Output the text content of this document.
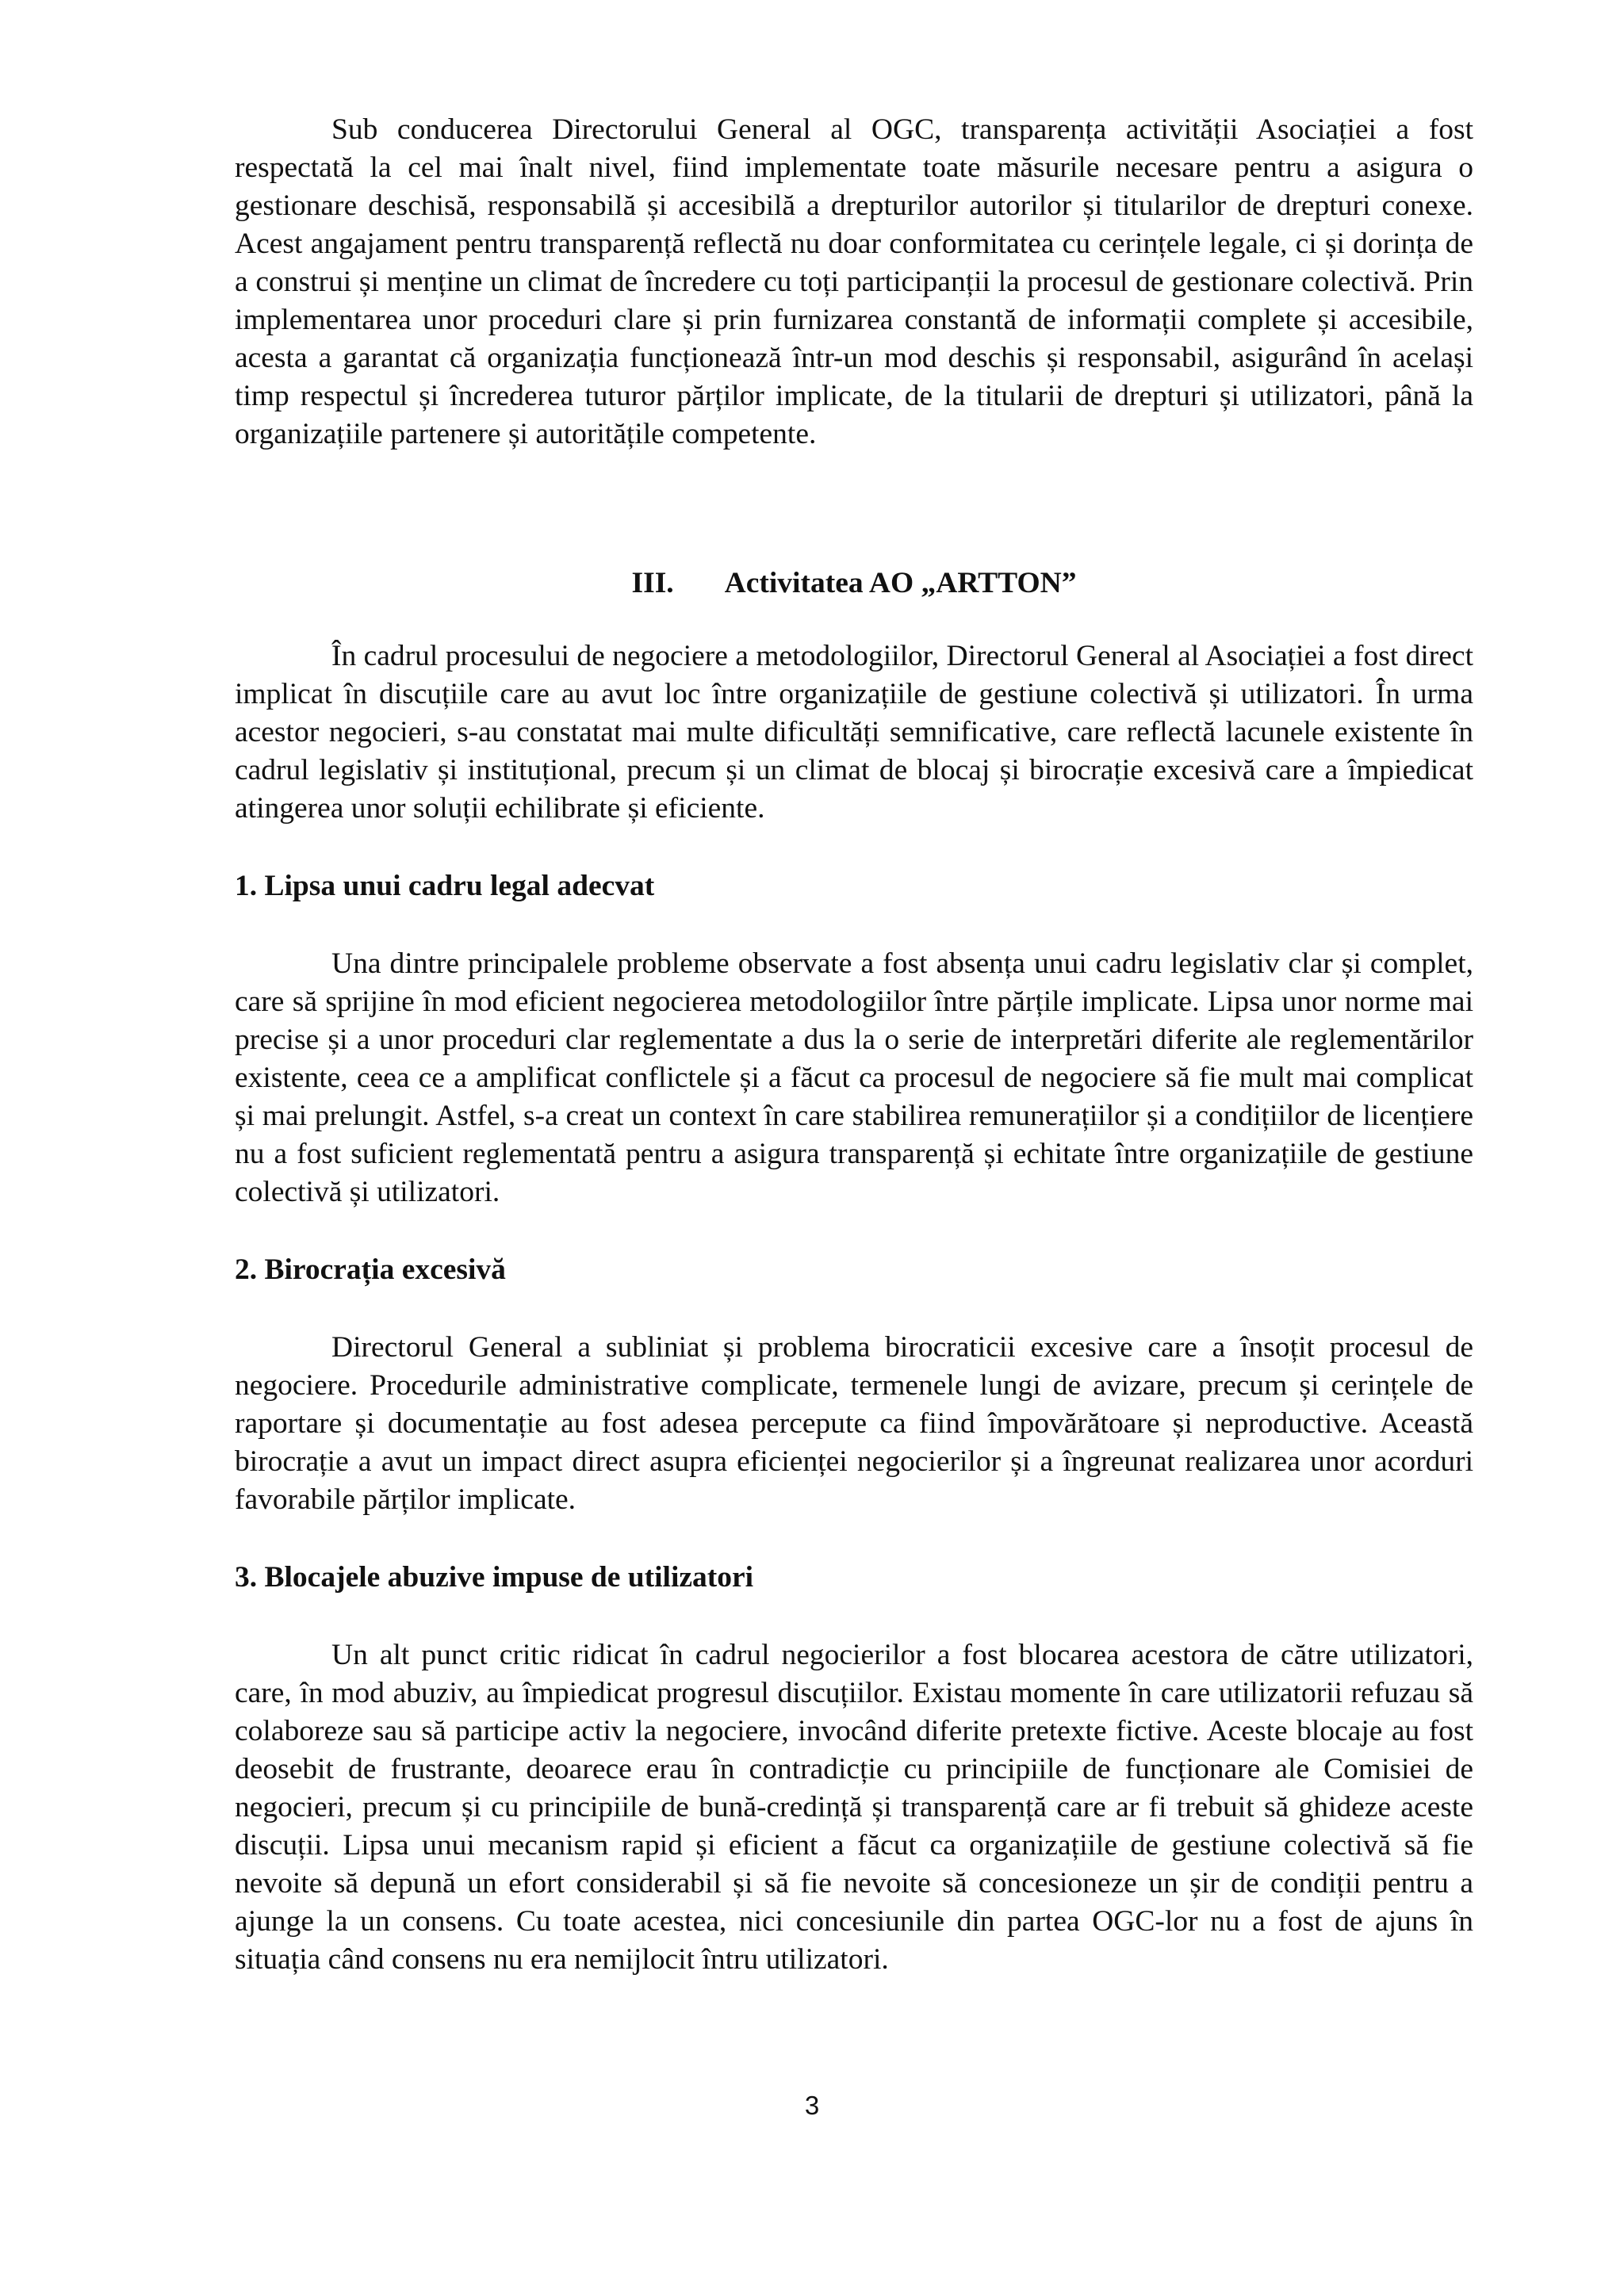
Sub conducerea Directorului General al OGC, transparența activității Asociației a fost respectată la cel mai înalt nivel, fiind implementate toate măsurile necesare pentru a asigura o gestionare deschisă, responsabilă și accesibilă a drepturilor autorilor și titularilor de drepturi conexe. Acest angajament pentru transparență reflectă nu doar conformitatea cu cerințele legale, ci și dorința de a construi și menține un climat de încredere cu toți participanții la procesul de gestionare colectivă. Prin implementarea unor proceduri clare și prin furnizarea constantă de informații complete și accesibile, acesta a garantat că organizația funcționează într-un mod deschis și responsabil, asigurând în același timp respectul și încrederea tuturor părților implicate, de la titularii de drepturi și utilizatori, până la organizațiile partenere și autoritățile competente.

III. Activitatea AO „ARTTON”

În cadrul procesului de negociere a metodologiilor, Directorul General al Asociației a fost direct implicat în discuțiile care au avut loc între organizațiile de gestiune colectivă și utilizatori. În urma acestor negocieri, s-au constatat mai multe dificultăți semnificative, care reflectă lacunele existente în cadrul legislativ și instituțional, precum și un climat de blocaj și birocrație excesivă care a împiedicat atingerea unor soluții echilibrate și eficiente.

1. Lipsa unui cadru legal adecvat

Una dintre principalele probleme observate a fost absența unui cadru legislativ clar și complet, care să sprijine în mod eficient negocierea metodologiilor între părțile implicate. Lipsa unor norme mai precise și a unor proceduri clar reglementate a dus la o serie de interpretări diferite ale reglementărilor existente, ceea ce a amplificat conflictele și a făcut ca procesul de negociere să fie mult mai complicat și mai prelungit. Astfel, s-a creat un context în care stabilirea remunerațiilor și a condițiilor de licențiere nu a fost suficient reglementată pentru a asigura transparență și echitate între organizațiile de gestiune colectivă și utilizatori.

2. Birocrația excesivă

Directorul General a subliniat și problema birocraticii excesive care a însoțit procesul de negociere. Procedurile administrative complicate, termenele lungi de avizare, precum și cerințele de raportare și documentație au fost adesea percepute ca fiind împovărătoare și neproductive. Această birocrație a avut un impact direct asupra eficienței negocierilor și a îngreunat realizarea unor acorduri favorabile părților implicate.

3. Blocajele abuzive impuse de utilizatori

Un alt punct critic ridicat în cadrul negocierilor a fost blocarea acestora de către utilizatori, care, în mod abuziv, au împiedicat progresul discuțiilor. Existau momente în care utilizatorii refuzau să colaboreze sau să participe activ la negociere, invocând diferite pretexte fictive. Aceste blocaje au fost deosebit de frustrante, deoarece erau în contradicție cu principiile de funcționare ale Comisiei de negocieri, precum și cu principiile de bună-credință și transparență care ar fi trebuit să ghideze aceste discuții. Lipsa unui mecanism rapid și eficient a făcut ca organizațiile de gestiune colectivă să fie nevoite să depună un efort considerabil și să fie nevoite să concesioneze un șir de condiții pentru a ajunge la un consens. Cu toate acestea, nici concesiunile din partea OGC-lor nu a fost de ajuns în situația când consens nu era nemijlocit întru utilizatori.

3
